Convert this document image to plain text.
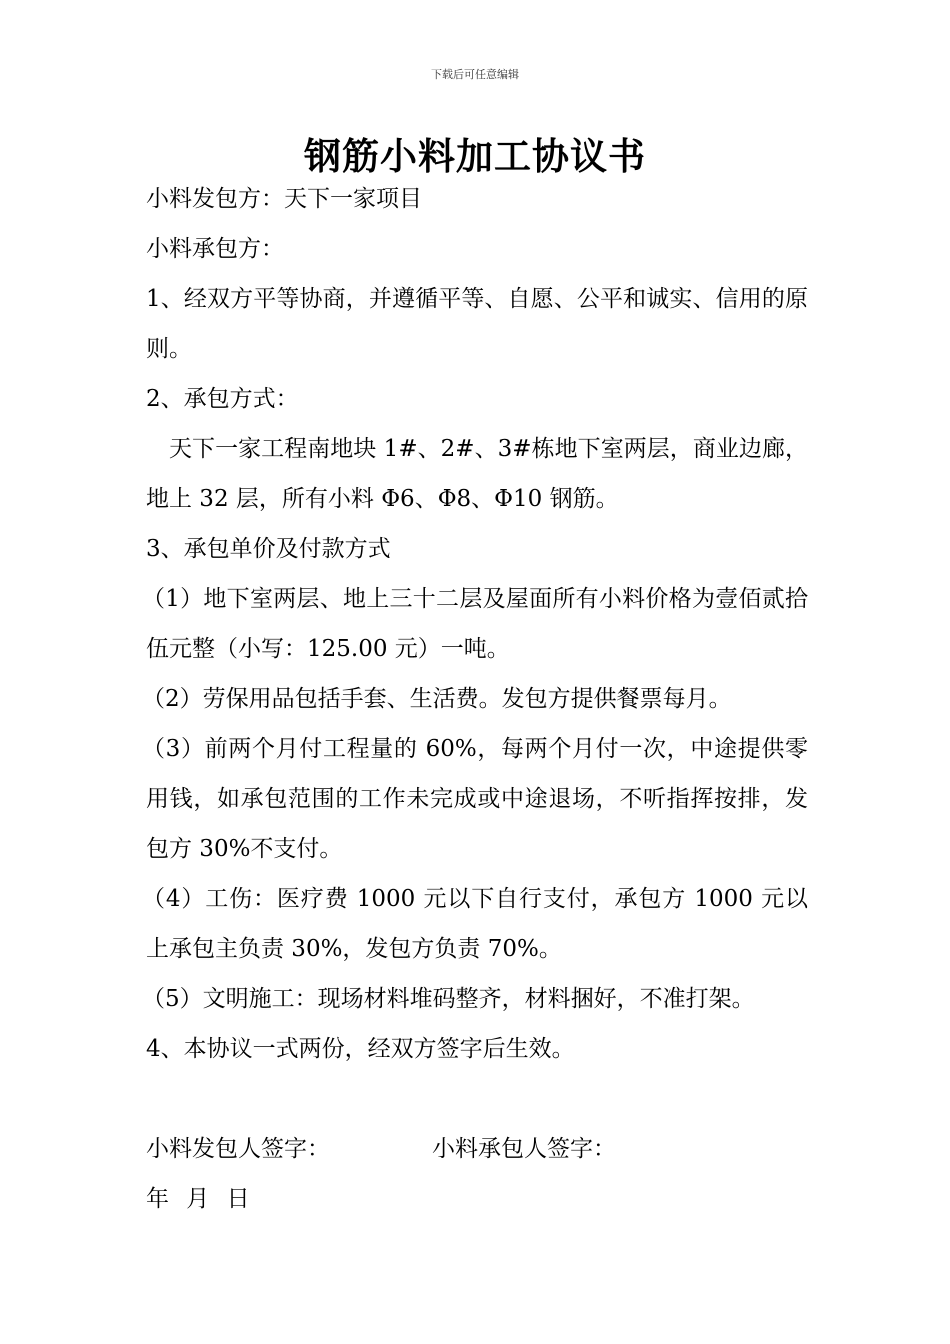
下载后可任意编辑
钢筋小料加工协议书

小料发包方：天下一家项目

小料承包方：

1、经双方平等协商，并遵循平等、自愿、公平和诚实、信用的原则。

2、承包方式：

天下一家工程南地块 1#、2#、3#栋地下室两层，商业边廊，地上 32 层，所有小料 Φ6、Φ8、Φ10 钢筋。

3、承包单价及付款方式

（1）地下室两层、地上三十二层及屋面所有小料价格为壹佰贰拾伍元整（小写：125.00 元）一吨。

（2）劳保用品包括手套、生活费。发包方提供餐票每月。

（3）前两个月付工程量的 60%，每两个月付一次，中途提供零用钱，如承包范围的工作未完成或中途退场，不听指挥按排，发包方 30%不支付。

（4）工伤：医疗费 1000 元以下自行支付，承包方 1000 元以上承包主负责 30%，发包方负责 70%。

（5）文明施工：现场材料堆码整齐，材料捆好，不准打架。

4、本协议一式两份，经双方签字后生效。

小料发包人签字：	小料承包人签字：

年 月 日
